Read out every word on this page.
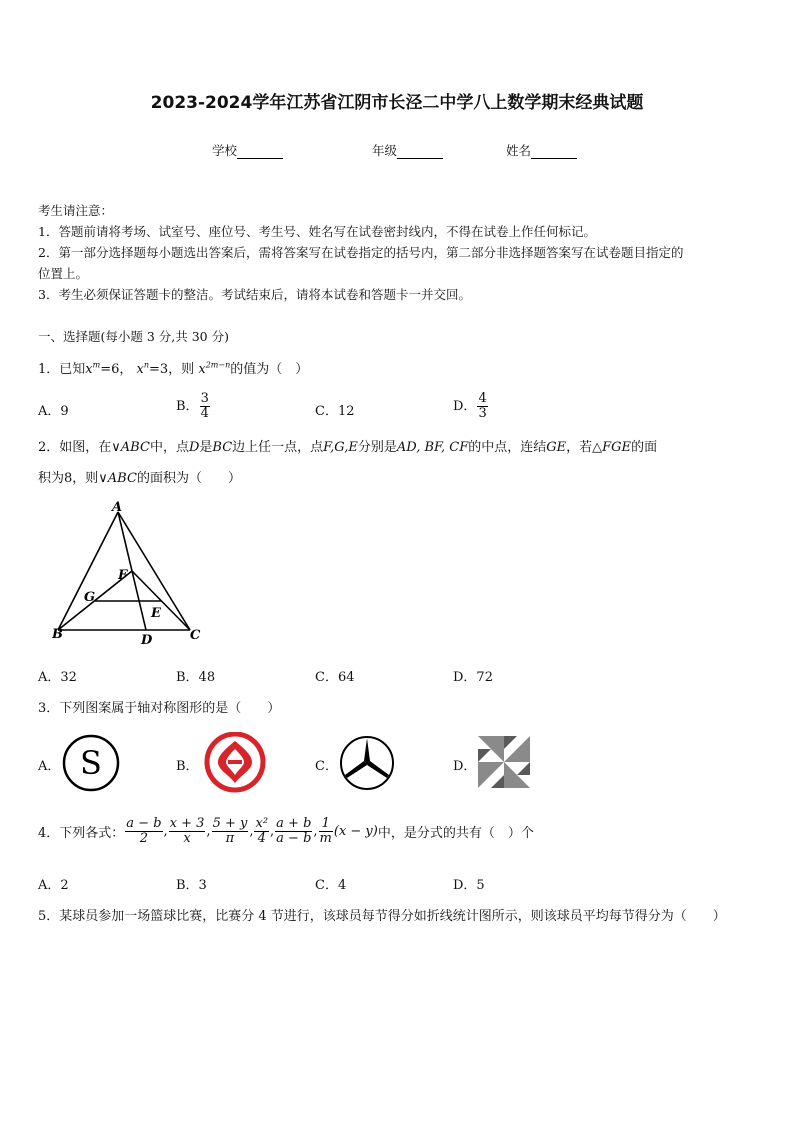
2023-2024学年江苏省江阴市长泾二中学八上数学期末经典试题
学校	年级	姓名
考生请注意：
1．答题前请将考场、试室号、座位号、考生号、姓名写在试卷密封线内，不得在试卷上作任何标记。
2．第一部分选择题每小题选出答案后，需将答案写在试卷指定的括号内，第二部分非选择题答案写在试卷题目指定的
位置上。
3．考生必须保证答题卡的整洁。考试结束后，请将本试卷和答题卡一并交回。
一、选择题(每小题 3 分,共 30 分)
1．已知$x^m=6$， $x^n=3$，则 $x^{2m-n}$的值为（　）
A．9	B． $\frac{3}{4}$	C．12	D． $\frac{4}{3}$
2．如图，在∨ABC中，点D是BC边上任一点，点F,G,E分别是AD, BF, CF的中点，连结GE，若△FGE的面
积为8，则∨ABC的面积为（　　）
A
B	C
D
E
F
G
A．32	B．48	C．64	D．72
3．下列图案属于轴对称图形的是（　　）
A． S	B．	C．	D．
4．下列各式： $\frac{a - b}{2}$ , $\frac{x + 3}{x}$ , $\frac{5 + y}{\pi}$ , $\frac{\text{x²}}{4}$ , $\frac{a + b}{a - b}$ , $\frac{1}{m} (x - y)$中，是分式的共有（　）个
A．2	B．3	C．4	D．5
5．某球员参加一场篮球比赛，比赛分 4 节进行，该球员每节得分如折线统计图所示，则该球员平均每节得分为（　　）
